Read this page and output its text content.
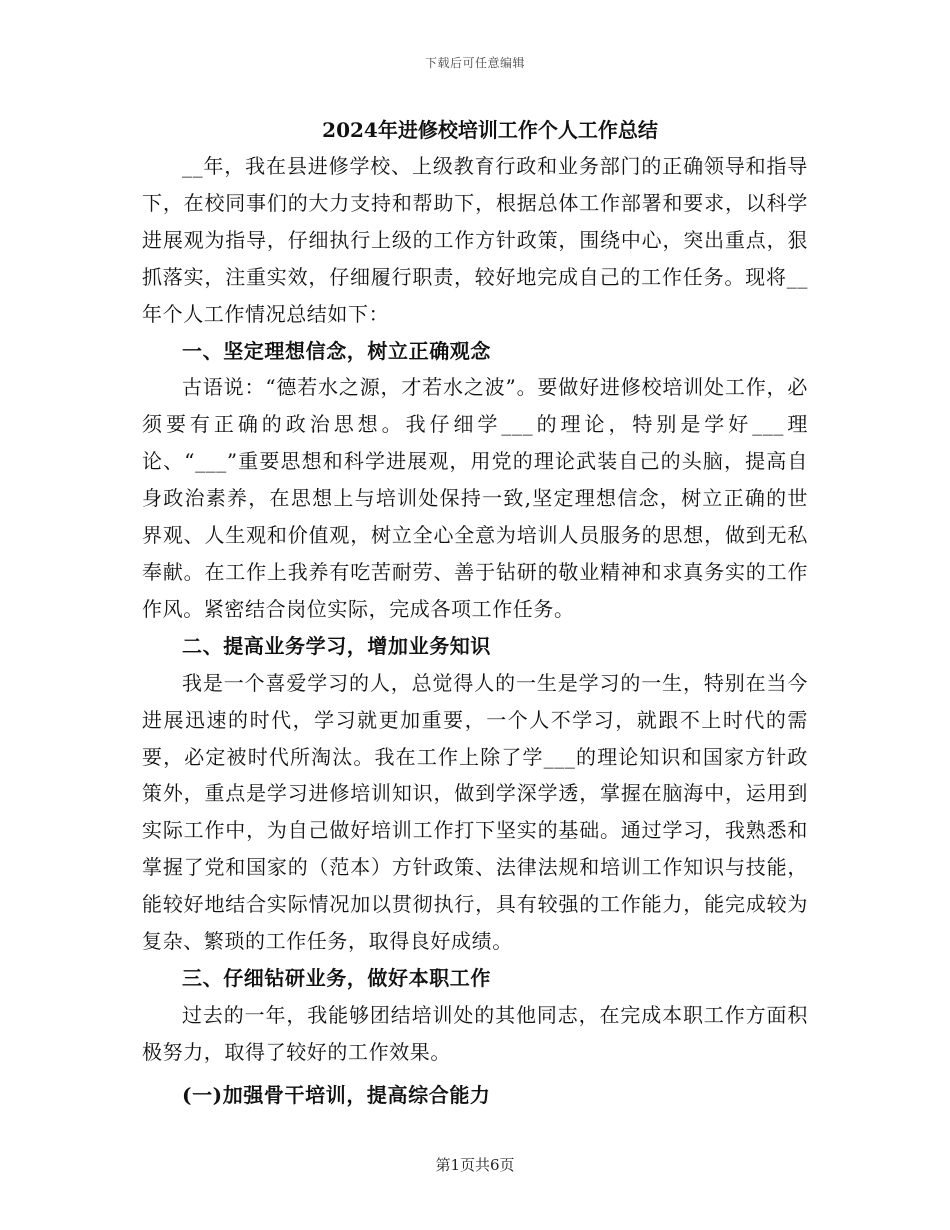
下载后可任意编辑
2024年进修校培训工作个人工作总结

__年，我在县进修学校、上级教育行政和业务部门的正确领导和指导下，在校同事们的大力支持和帮助下，根据总体工作部署和要求，以科学进展观为指导，仔细执行上级的工作方针政策，围绕中心，突出重点，狠抓落实，注重实效，仔细履行职责，较好地完成自己的工作任务。现将__年个人工作情况总结如下：

一、坚定理想信念，树立正确观念

古语说：“德若水之源，才若水之波”。要做好进修校培训处工作，必须要有正确的政治思想。我仔细学___的理论，特别是学好___理论、“___”重要思想和科学进展观，用党的理论武装自己的头脑，提高自身政治素养，在思想上与培训处保持一致,坚定理想信念，树立正确的世界观、人生观和价值观，树立全心全意为培训人员服务的思想，做到无私奉献。在工作上我养有吃苦耐劳、善于钻研的敬业精神和求真务实的工作作风。紧密结合岗位实际，完成各项工作任务。

二、提高业务学习，增加业务知识

我是一个喜爱学习的人，总觉得人的一生是学习的一生，特别在当今进展迅速的时代，学习就更加重要，一个人不学习，就跟不上时代的需要，必定被时代所淘汰。我在工作上除了学___的理论知识和国家方针政策外，重点是学习进修培训知识，做到学深学透，掌握在脑海中，运用到实际工作中，为自己做好培训工作打下坚实的基础。通过学习，我熟悉和掌握了党和国家的（范本）方针政策、法律法规和培训工作知识与技能，能较好地结合实际情况加以贯彻执行，具有较强的工作能力，能完成较为复杂、繁琐的工作任务，取得良好成绩。

三、仔细钻研业务，做好本职工作

过去的一年，我能够团结培训处的其他同志，在完成本职工作方面积极努力，取得了较好的工作效果。

(一)加强骨干培训，提高综合能力

第1页共6页
